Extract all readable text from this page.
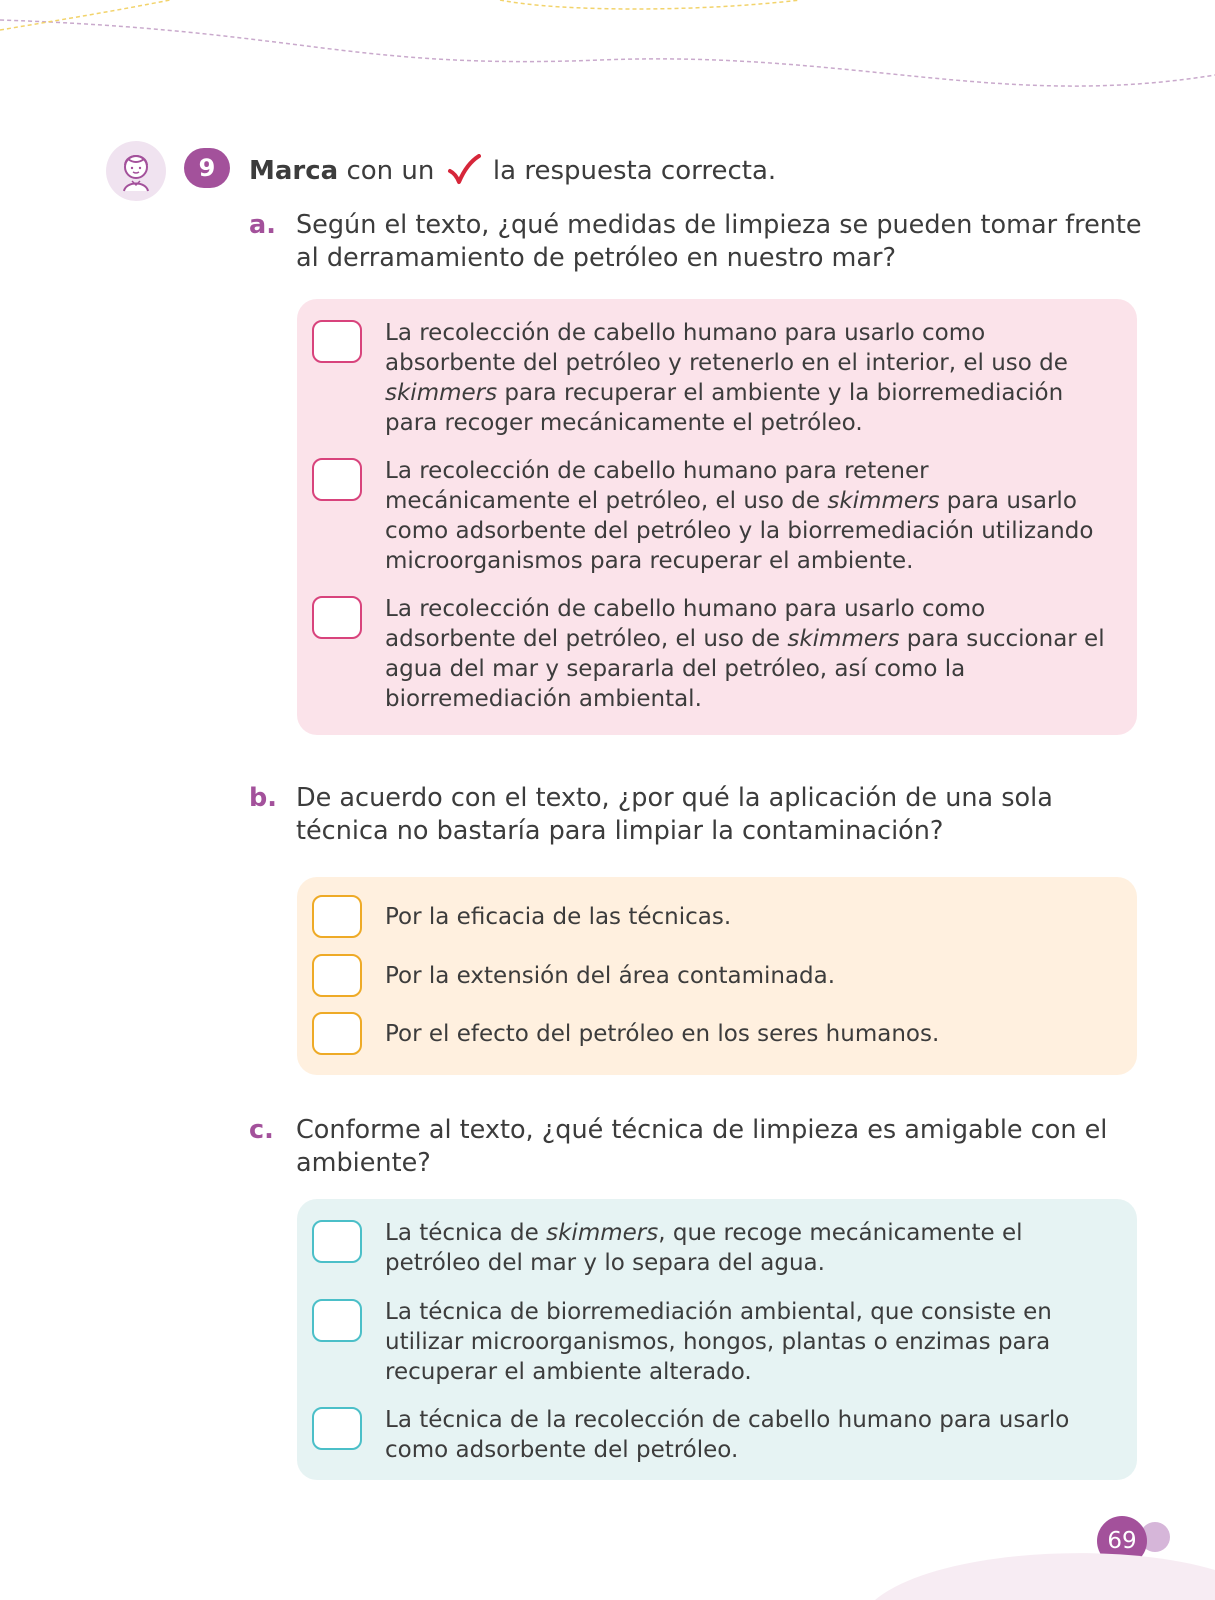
9	Marca con un la respuesta correcta.
a. Según el texto, ¿qué medidas de limpieza se pueden tomar frente al derramamiento de petróleo en nuestro mar?
La recolección de cabello humano para usarlo como absorbente del petróleo y retenerlo en el interior, el uso de skimmers para recuperar el ambiente y la biorremediación para recoger mecánicamente el petróleo.
La recolección de cabello humano para retener mecánicamente el petróleo, el uso de skimmers para usarlo como adsorbente del petróleo y la biorremediación utilizando microorganismos para recuperar el ambiente.
La recolección de cabello humano para usarlo como adsorbente del petróleo, el uso de skimmers para succionar el agua del mar y separarla del petróleo, así como la biorremediación ambiental.
b. De acuerdo con el texto, ¿por qué la aplicación de una sola técnica no bastaría para limpiar la contaminación?
Por la eficacia de las técnicas.
Por la extensión del área contaminada.
Por el efecto del petróleo en los seres humanos.
c. Conforme al texto, ¿qué técnica de limpieza es amigable con el ambiente?
La técnica de skimmers, que recoge mecánicamente el petróleo del mar y lo separa del agua.
La técnica de biorremediación ambiental, que consiste en utilizar microorganismos, hongos, plantas o enzimas para recuperar el ambiente alterado.
La técnica de la recolección de cabello humano para usarlo como adsorbente del petróleo.
69
